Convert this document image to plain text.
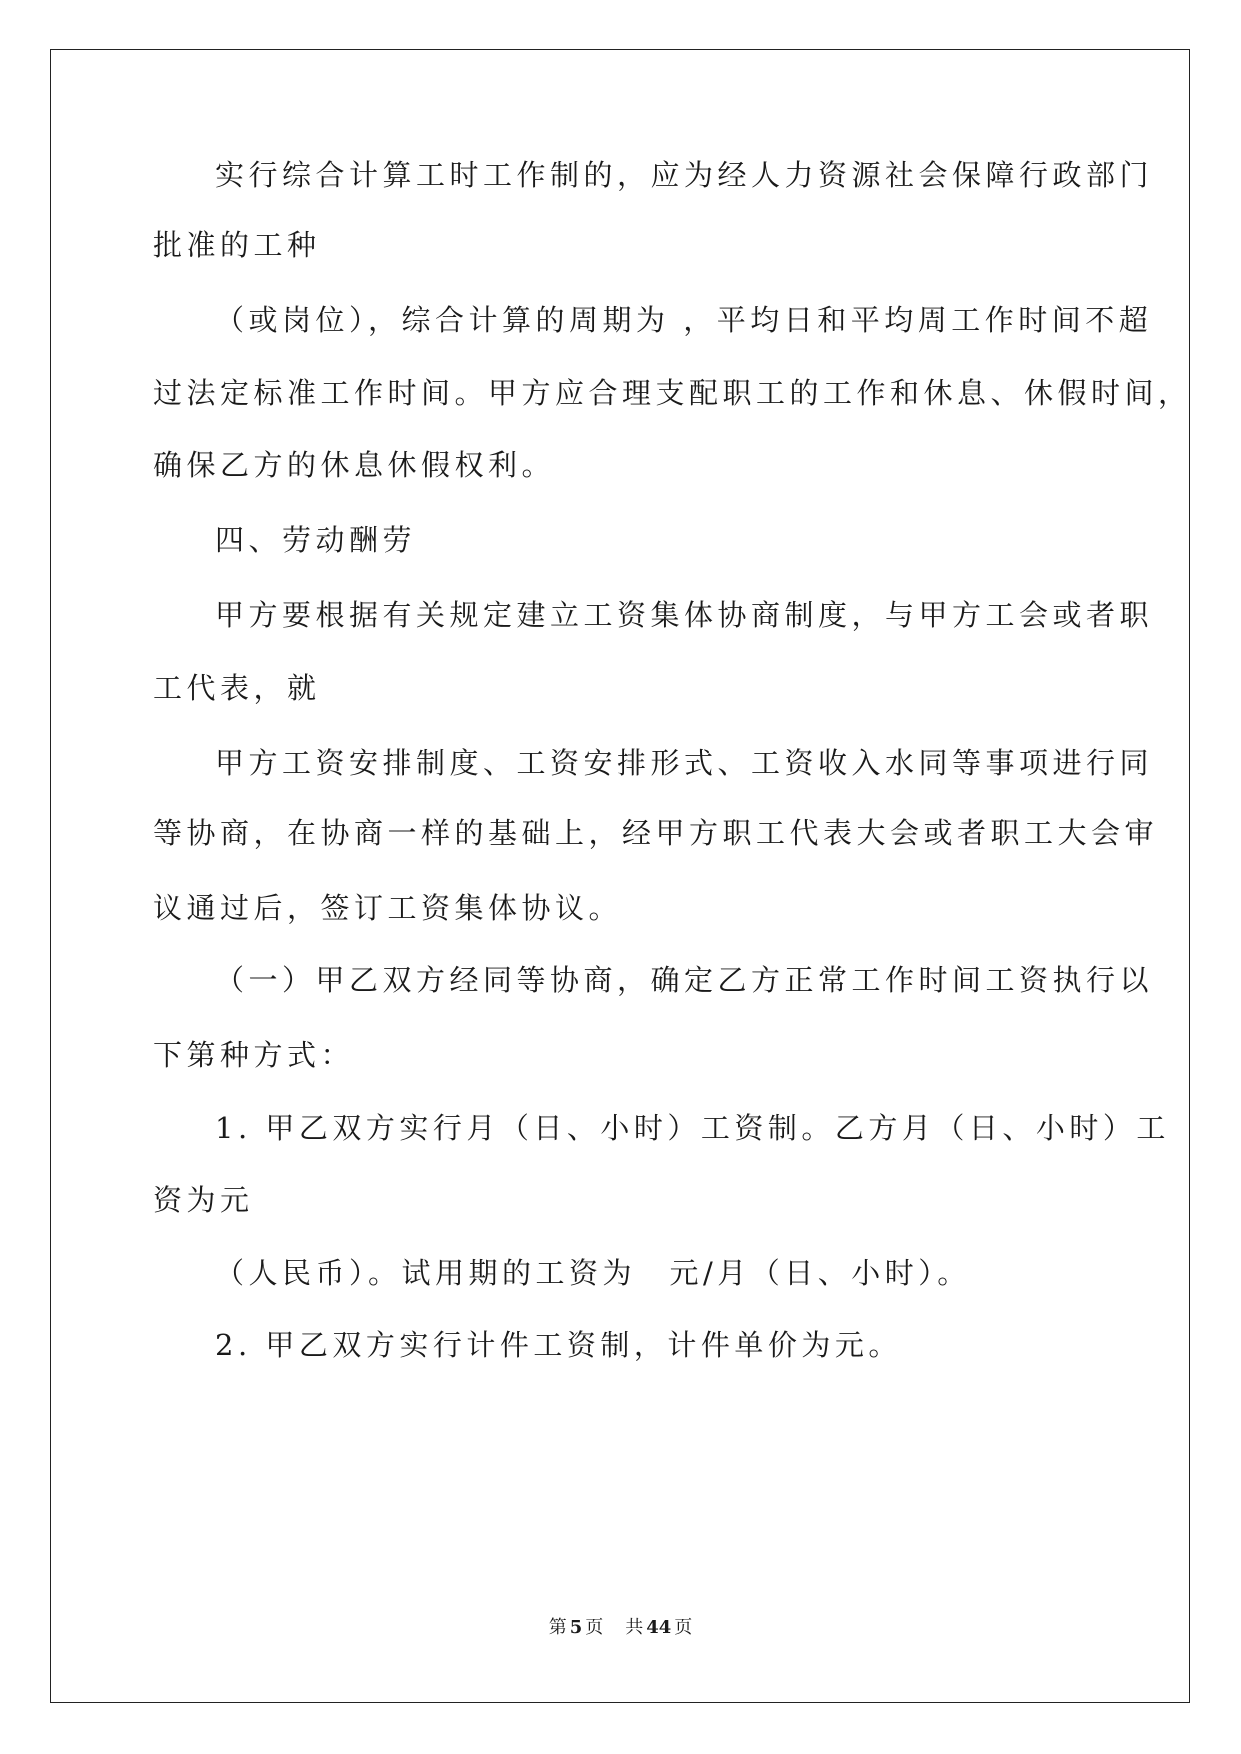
实行综合计算工时工作制的，应为经人力资源社会保障行政部门
批准的工种
（或岗位），综合计算的周期为 ，平均日和平均周工作时间不超
过法定标准工作时间。甲方应合理支配职工的工作和休息、休假时间，
确保乙方的休息休假权利。
四、劳动酬劳
甲方要根据有关规定建立工资集体协商制度，与甲方工会或者职
工代表，就
甲方工资安排制度、工资安排形式、工资收入水同等事项进行同
等协商，在协商一样的基础上，经甲方职工代表大会或者职工大会审
议通过后，签订工资集体协议。
（一）甲乙双方经同等协商，确定乙方正常工作时间工资执行以
下第种方式：
1. 甲乙双方实行月（日、小时）工资制。乙方月（日、小时）工
资为元
（人民币）。试用期的工资为　元/月（日、小时）。
2. 甲乙双方实行计件工资制，计件单价为元。
第 5 页 共 44 页
